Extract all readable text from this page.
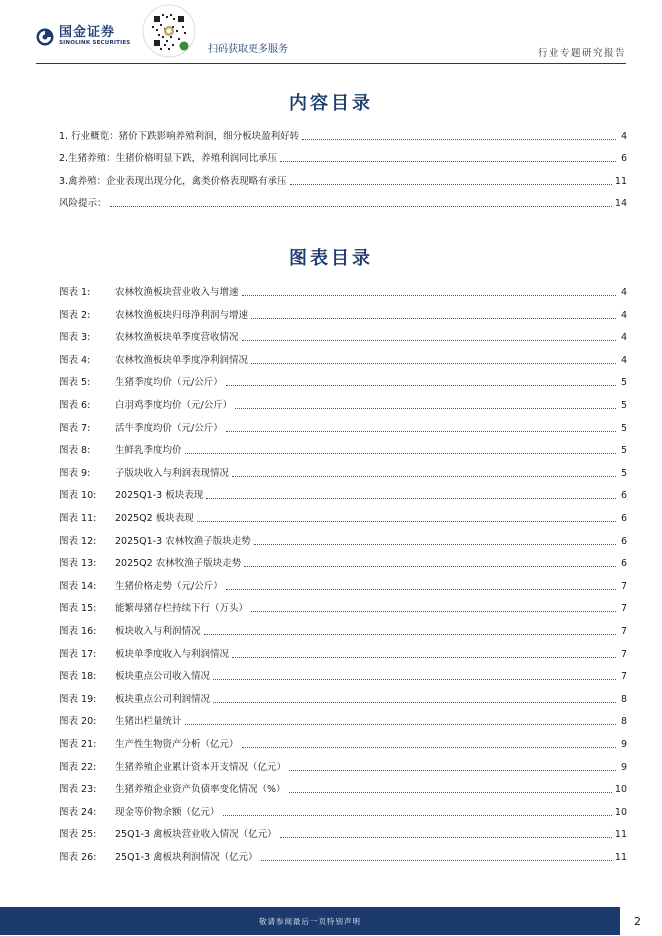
国金证券
SINOLINK SECURITIES
扫码获取更多服务	行业专题研究报告
内容目录
1. 行业概览：猪价下跌影响养殖利润，细分板块盈利好转	4
2.生猪养殖：生猪价格明显下跌，养殖利润同比承压	6
3.禽养殖：企业表现出现分化，禽类价格表现略有承压	11
风险提示：	14
图表目录
图表 1:	农林牧渔板块营业收入与增速	4
图表 2:	农林牧渔板块归母净利润与增速	4
图表 3:	农林牧渔板块单季度营收情况	4
图表 4:	农林牧渔板块单季度净利润情况	4
图表 5:	生猪季度均价（元/公斤）	5
图表 6:	白羽鸡季度均价（元/公斤）	5
图表 7:	活牛季度均价（元/公斤）	5
图表 8:	生鲜乳季度均价	5
图表 9:	子版块收入与利润表现情况	5
图表 10:	2025Q1-3 板块表现	6
图表 11:	2025Q2 板块表现	6
图表 12:	2025Q1-3 农林牧渔子版块走势	6
图表 13:	2025Q2 农林牧渔子版块走势	6
图表 14:	生猪价格走势（元/公斤）	7
图表 15:	能繁母猪存栏持续下行（万头）	7
图表 16:	板块收入与利润情况	7
图表 17:	板块单季度收入与利润情况	7
图表 18:	板块重点公司收入情况	7
图表 19:	板块重点公司利润情况	8
图表 20:	生猪出栏量统计	8
图表 21:	生产性生物资产分析（亿元）	9
图表 22:	生猪养殖企业累计资本开支情况（亿元）	9
图表 23:	生猪养殖企业资产负债率变化情况（%）	10
图表 24:	现金等价物余额（亿元）	10
图表 25:	25Q1-3 禽板块营业收入情况（亿元）	11
图表 26:	25Q1-3 禽板块利润情况（亿元）	11
敬请参阅最后一页特别声明	2
